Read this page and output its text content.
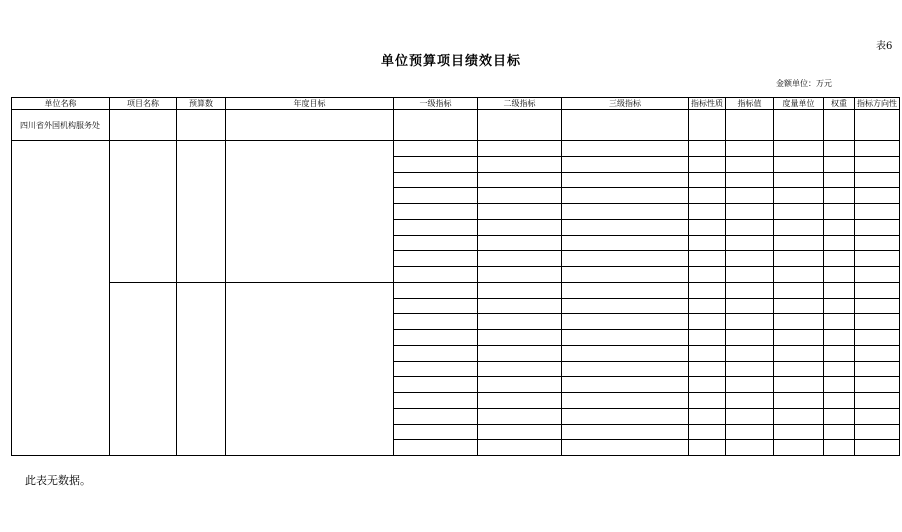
表6
单位预算项目绩效目标
金额单位：万元
单位名称	项目名称	预算数	年度目标	一级指标	二级指标	三级指标	指标性质	指标值	度量单位	权重	指标方向性
四川省外国机构服务处											

此表无数据。
